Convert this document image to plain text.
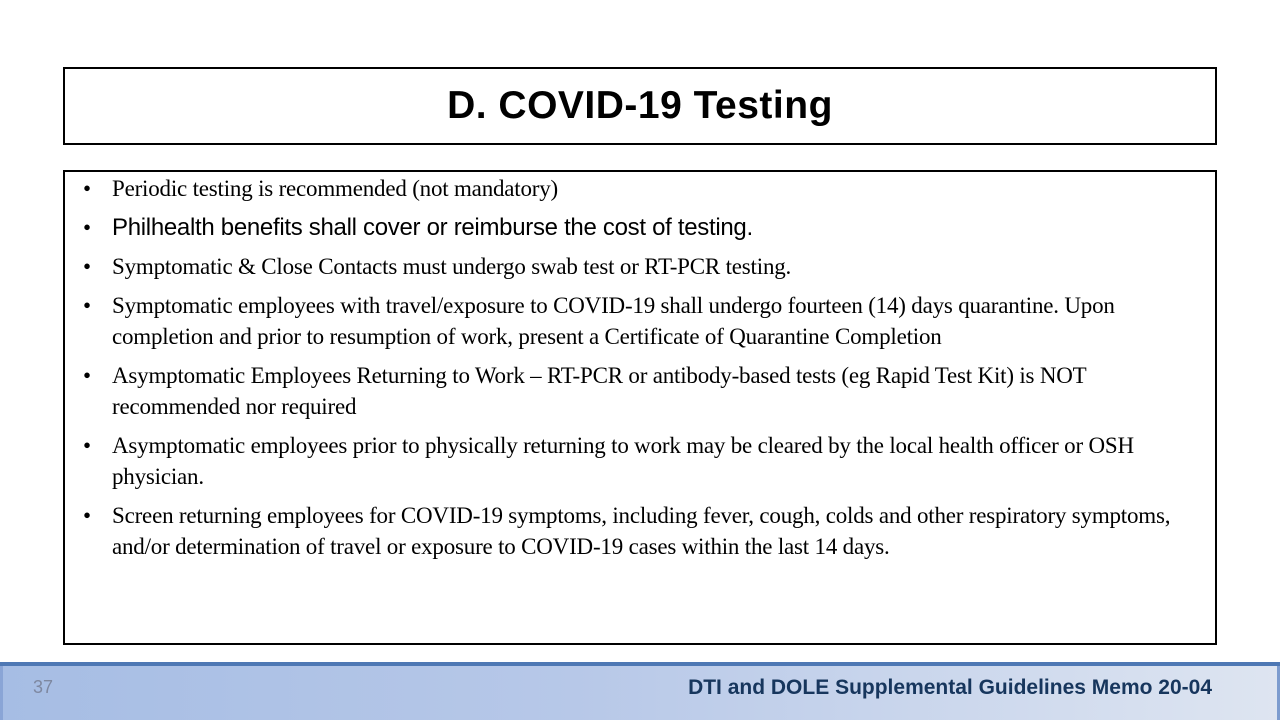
D. COVID-19 Testing
• Periodic testing is recommended (not mandatory)
• Philhealth benefits shall cover or reimburse the cost of testing.
• Symptomatic & Close Contacts must undergo swab test or RT-PCR testing.
• Symptomatic employees with travel/exposure to COVID-19 shall undergo fourteen (14) days quarantine. Upon completion and prior to resumption of work, present a Certificate of Quarantine Completion
• Asymptomatic Employees Returning to Work – RT-PCR or antibody-based tests (eg Rapid Test Kit) is NOT recommended nor required
• Asymptomatic employees prior to physically returning to work may be cleared by the local health officer or OSH physician.
• Screen returning employees for COVID-19 symptoms, including fever, cough, colds and other respiratory symptoms, and/or determination of travel or exposure to COVID-19 cases within the last 14 days.
37	DTI and DOLE Supplemental Guidelines Memo 20-04
